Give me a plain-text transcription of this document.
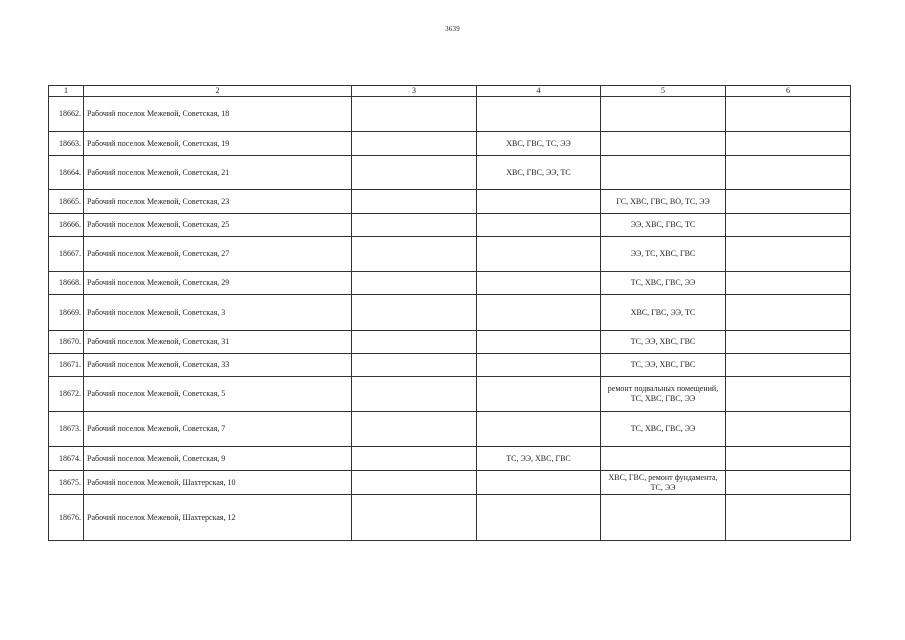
3639
1	2	3	4	5	6
18662.	Рабочий поселок Межевой, Советская, 18				
18663.	Рабочий поселок Межевой, Советская, 19		ХВС, ГВС, ТС, ЭЭ		
18664.	Рабочий поселок Межевой, Советская, 21		ХВС, ГВС, ЭЭ, ТС		
18665.	Рабочий поселок Межевой, Советская, 23			ГС, ХВС, ГВС, ВО, ТС, ЭЭ	
18666.	Рабочий поселок Межевой, Советская, 25			ЭЭ, ХВС, ГВС, ТС	
18667.	Рабочий поселок Межевой, Советская, 27			ЭЭ, ТС, ХВС, ГВС	
18668.	Рабочий поселок Межевой, Советская, 29			ТС, ХВС, ГВС, ЭЭ	
18669.	Рабочий поселок Межевой, Советская, 3			ХВС, ГВС, ЭЭ, ТС	
18670.	Рабочий поселок Межевой, Советская, 31			ТС, ЭЭ, ХВС, ГВС	
18671.	Рабочий поселок Межевой, Советская, 33			ТС, ЭЭ, ХВС, ГВС	
18672.	Рабочий поселок Межевой, Советская, 5			ремонт подвальных помещений, ТС, ХВС, ГВС, ЭЭ	
18673.	Рабочий поселок Межевой, Советская, 7			ТС, ХВС, ГВС, ЭЭ	
18674.	Рабочий поселок Межевой, Советская, 9		ТС, ЭЭ, ХВС, ГВС		
18675.	Рабочий поселок Межевой, Шахтерская, 10			ХВС, ГВС, ремонт фундамента, ТС, ЭЭ	
18676.	Рабочий поселок Межевой, Шахтерская, 12				
